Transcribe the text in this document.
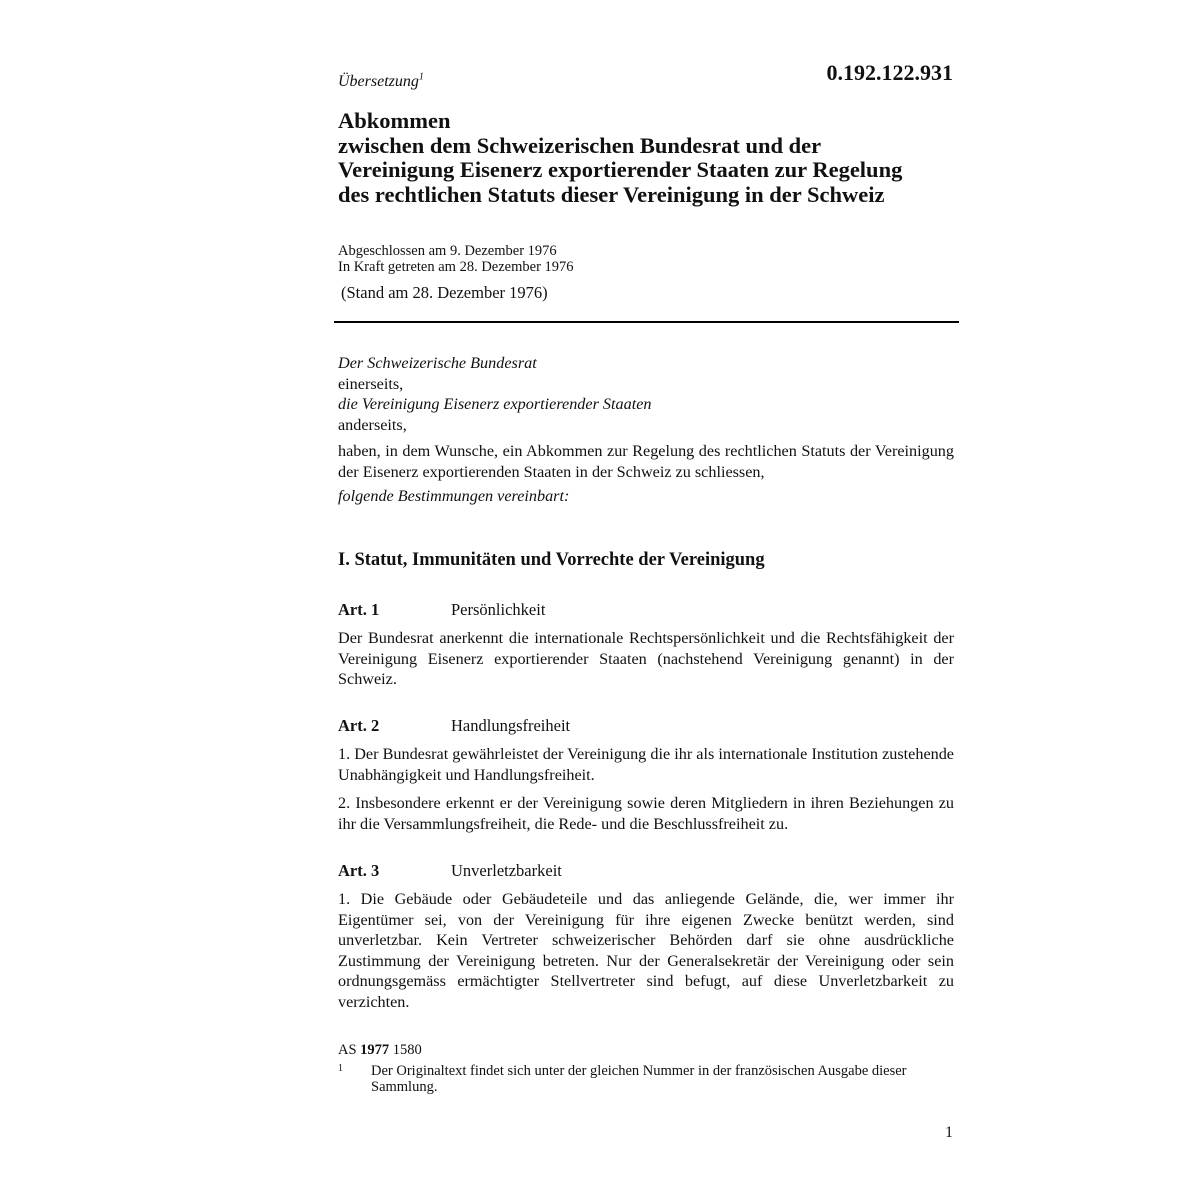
Übersetzung$^1$	0.192.122.931
Abkommen
zwischen dem Schweizerischen Bundesrat und der
Vereinigung Eisenerz exportierender Staaten zur Regelung
des rechtlichen Statuts dieser Vereinigung in der Schweiz
Abgeschlossen am 9. Dezember 1976
In Kraft getreten am 28. Dezember 1976
(Stand am 28. Dezember 1976)
Der Schweizerische Bundesrat
einerseits,
die Vereinigung Eisenerz exportierender Staaten
anderseits,
haben, in dem Wunsche, ein Abkommen zur Regelung des rechtlichen Statuts der Vereinigung der Eisenerz exportierenden Staaten in der Schweiz zu schliessen,
folgende Bestimmungen vereinbart:
I. Statut, Immunitäten und Vorrechte der Vereinigung
Art. 1	Persönlichkeit
Der Bundesrat anerkennt die internationale Rechtspersönlichkeit und die Rechtsfähigkeit der Vereinigung Eisenerz exportierender Staaten (nachstehend Vereinigung genannt) in der Schweiz.
Art. 2	Handlungsfreiheit
1. Der Bundesrat gewährleistet der Vereinigung die ihr als internationale Institution zustehende Unabhängigkeit und Handlungsfreiheit.
2. Insbesondere erkennt er der Vereinigung sowie deren Mitgliedern in ihren Beziehungen zu ihr die Versammlungsfreiheit, die Rede- und die Beschlussfreiheit zu.
Art. 3	Unverletzbarkeit
1. Die Gebäude oder Gebäudeteile und das anliegende Gelände, die, wer immer ihr Eigentümer sei, von der Vereinigung für ihre eigenen Zwecke benützt werden, sind unverletzbar. Kein Vertreter schweizerischer Behörden darf sie ohne ausdrückliche Zustimmung der Vereinigung betreten. Nur der Generalsekretär der Vereinigung oder sein ordnungsgemäss ermächtigter Stellvertreter sind befugt, auf diese Unverletzbarkeit zu verzichten.
AS 1977 1580
1 Der Originaltext findet sich unter der gleichen Nummer in der französischen Ausgabe dieser Sammlung.
1
